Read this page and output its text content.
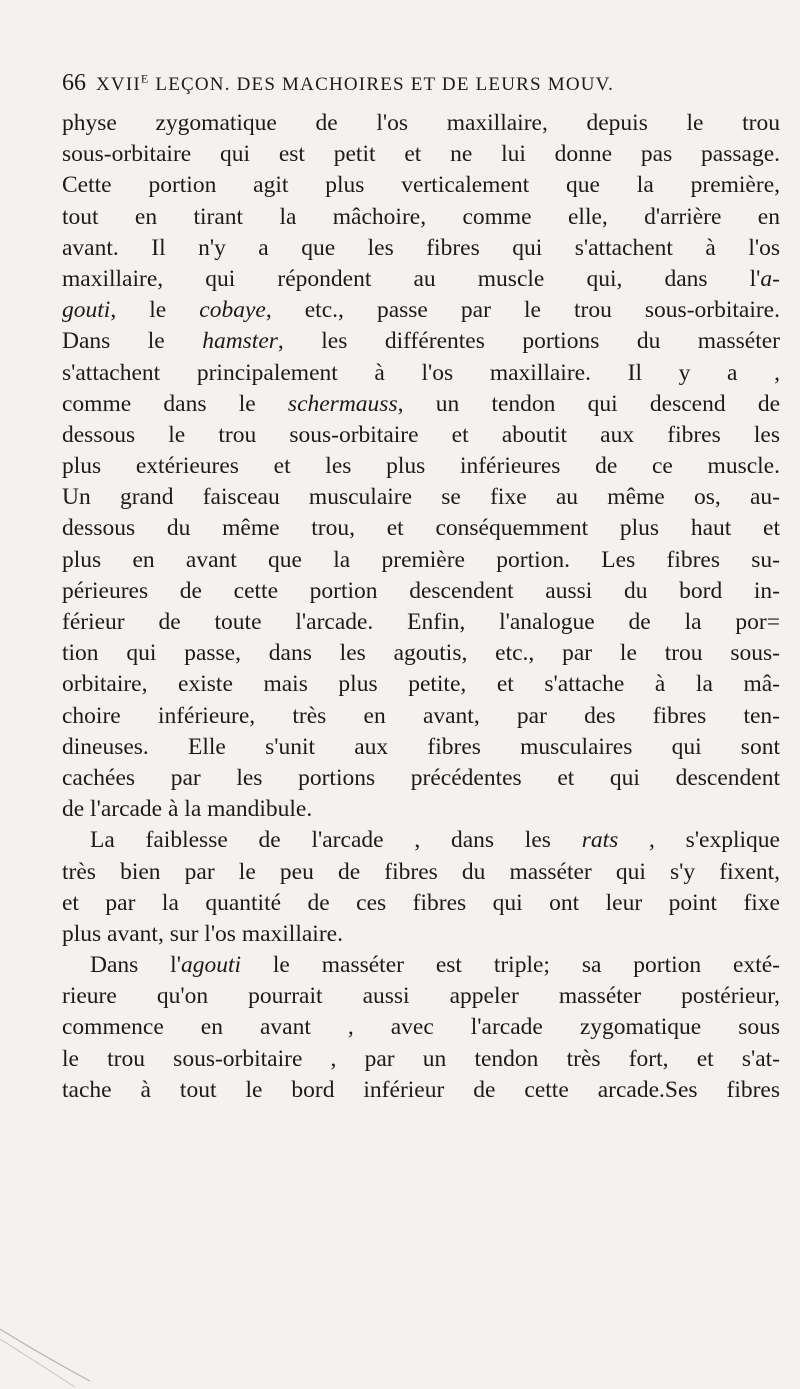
66 $XVII^E$ LEÇON. DES MACHOIRES ET DE LEURS MOUV.
physe zygomatique de l'os maxillaire, depuis le trou
sous-orbitaire qui est petit et ne lui donne pas passage.
Cette portion agit plus verticalement que la première,
tout en tirant la mâchoire, comme elle, d'arrière en
avant. Il n'y a que les fibres qui s'attachent à l'os
maxillaire, qui répondent au muscle qui, dans l'a-
gouti, le cobaye, etc., passe par le trou sous-orbitaire.
Dans le hamster, les différentes portions du masséter
s'attachent principalement à l'os maxillaire. Il y a ,
comme dans le schermauss, un tendon qui descend de
dessous le trou sous-orbitaire et aboutit aux fibres les
plus extérieures et les plus inférieures de ce muscle.
Un grand faisceau musculaire se fixe au même os, au-
dessous du même trou, et conséquemment plus haut et
plus en avant que la première portion. Les fibres su-
périeures de cette portion descendent aussi du bord in-
férieur de toute l'arcade. Enfin, l'analogue de la por=
tion qui passe, dans les agoutis, etc., par le trou sous-
orbitaire, existe mais plus petite, et s'attache à la mâ-
choire inférieure, très en avant, par des fibres ten-
dineuses. Elle s'unit aux fibres musculaires qui sont
cachées par les portions précédentes et qui descendent
de l'arcade à la mandibule.
La faiblesse de l'arcade , dans les rats , s'explique
très bien par le peu de fibres du masséter qui s'y fixent,
et par la quantité de ces fibres qui ont leur point fixe
plus avant, sur l'os maxillaire.
Dans l'agouti le masséter est triple; sa portion exté-
rieure qu'on pourrait aussi appeler masséter postérieur,
commence en avant , avec l'arcade zygomatique sous
le trou sous-orbitaire , par un tendon très fort, et s'at-
tache à tout le bord inférieur de cette arcade.Ses fibres
